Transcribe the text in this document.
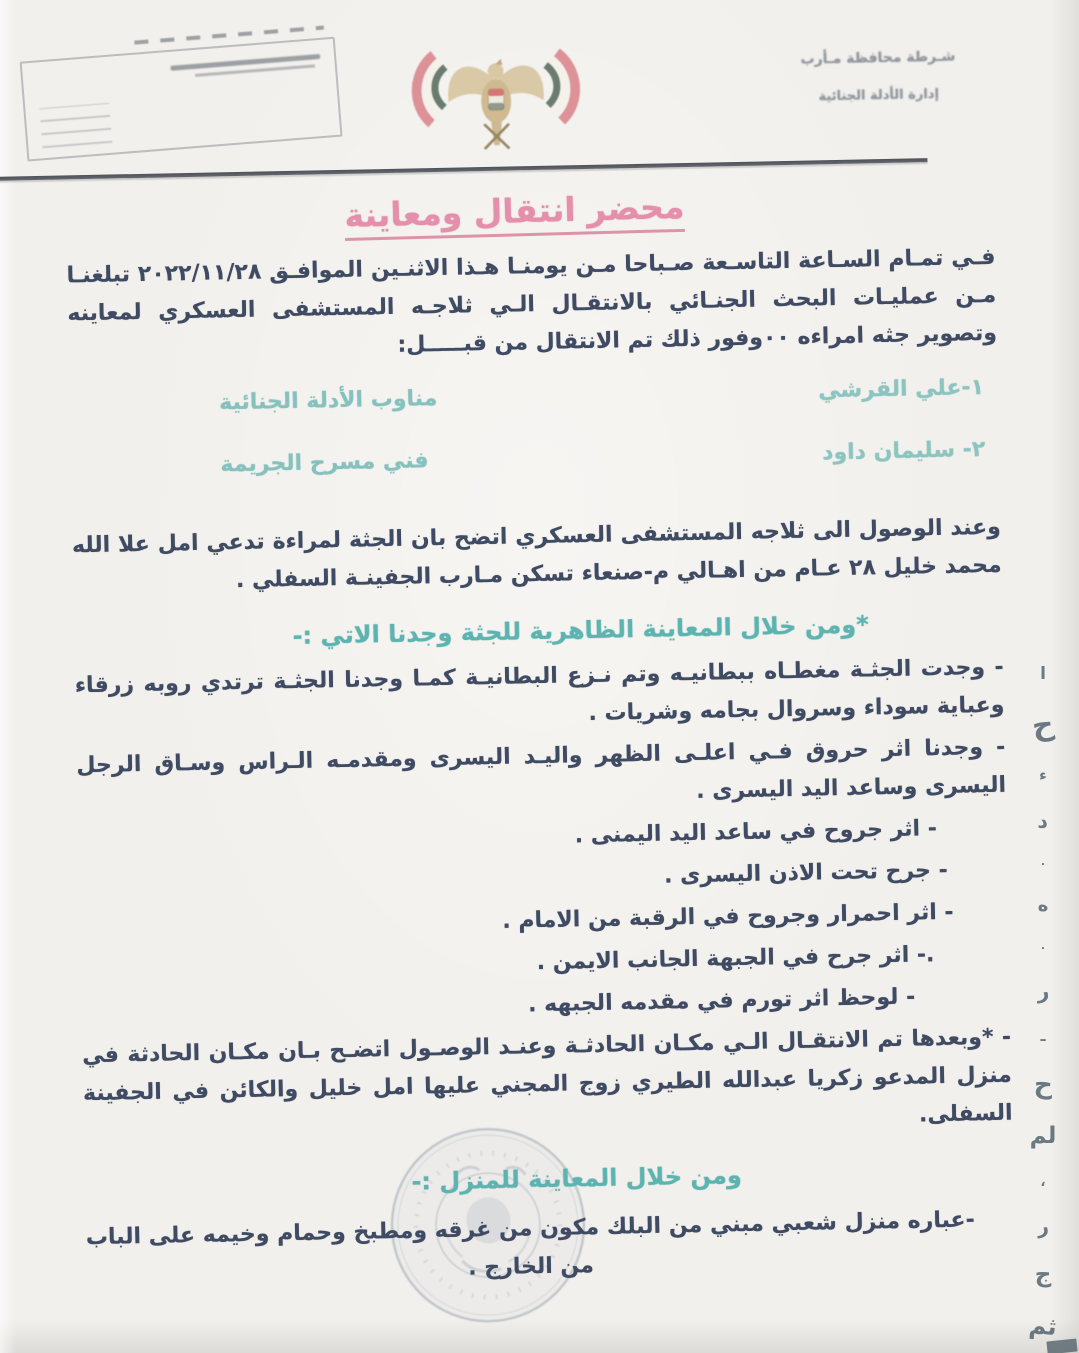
شـرطة محافظة مـأرب
إدارة الأدلة الجنائية
محضر انتقال ومعاينة
فـي تمـام السـاعة التاسـعة صـباحا مـن يومنـا هـذا الاثنـين الموافـق ٢٠٢٢/١١/٢٨ تبلغنـا مـن عمليـات البحث الجنـائي بالانتقـال الـي ثلاجـه المستشفى العسكري لمعاينه وتصوير جثه امراءه ٠٠وفور ذلك تم الانتقال من قبـــــل:
١-علي القرشي
مناوب الأدلة الجنائية
٢- سليمان داود
فني مسرح الجريمة
وعند الوصول الى ثلاجه المستشفى العسكري اتضح بان الجثة لمراءة تدعي امل علا الله محمد خليل ٢٨ عـام من اهـالي م-صنعاء تسكن مـارب الجفينـة السفلي .
*ومن خلال المعاينة الظاهرية للجثة وجدنا الاتي :-
- وجدت الجثـة مغطـاه ببطانيـه وتم نـزع البطانيـة كمـا وجدنا الجثـة ترتدي روبه زرقاء وعباية سوداء وسروال بجامه وشريات .
- وجدنا اثر حروق فـي اعلـى الظهر واليـد اليسرى ومقدمـه الـراس وسـاق الرجل اليسرى وساعد اليد اليسرى .
- اثر جروح في ساعد اليد اليمنى .
- جرح تحت الاذن اليسرى .
- اثر احمرار وجروح في الرقبة من الامام .
.- اثر جرح في الجبهة الجانب الايمن .
- لوحظ اثر تورم في مقدمه الجبهه .
- *وبعدها تم الانتقـال الـي مكـان الحادثـة وعنـد الوصـول اتضـح بـان مكـان الحادثة في منزل المدعو زكريا عبدالله الطيري زوج المجني عليها امل خليل والكائن في الجفينة السفلى.
ومن خلال المعاينة للمنزل :-
-عباره منزل شعبي مبني من البلك مكون من غرقه ومطبخ وحمام وخيمه على الباب من الخارج .
ا
ح
ء
د
٠
ه
٠
ر
ـ
ح
لم
،
ر
ج
ثم
